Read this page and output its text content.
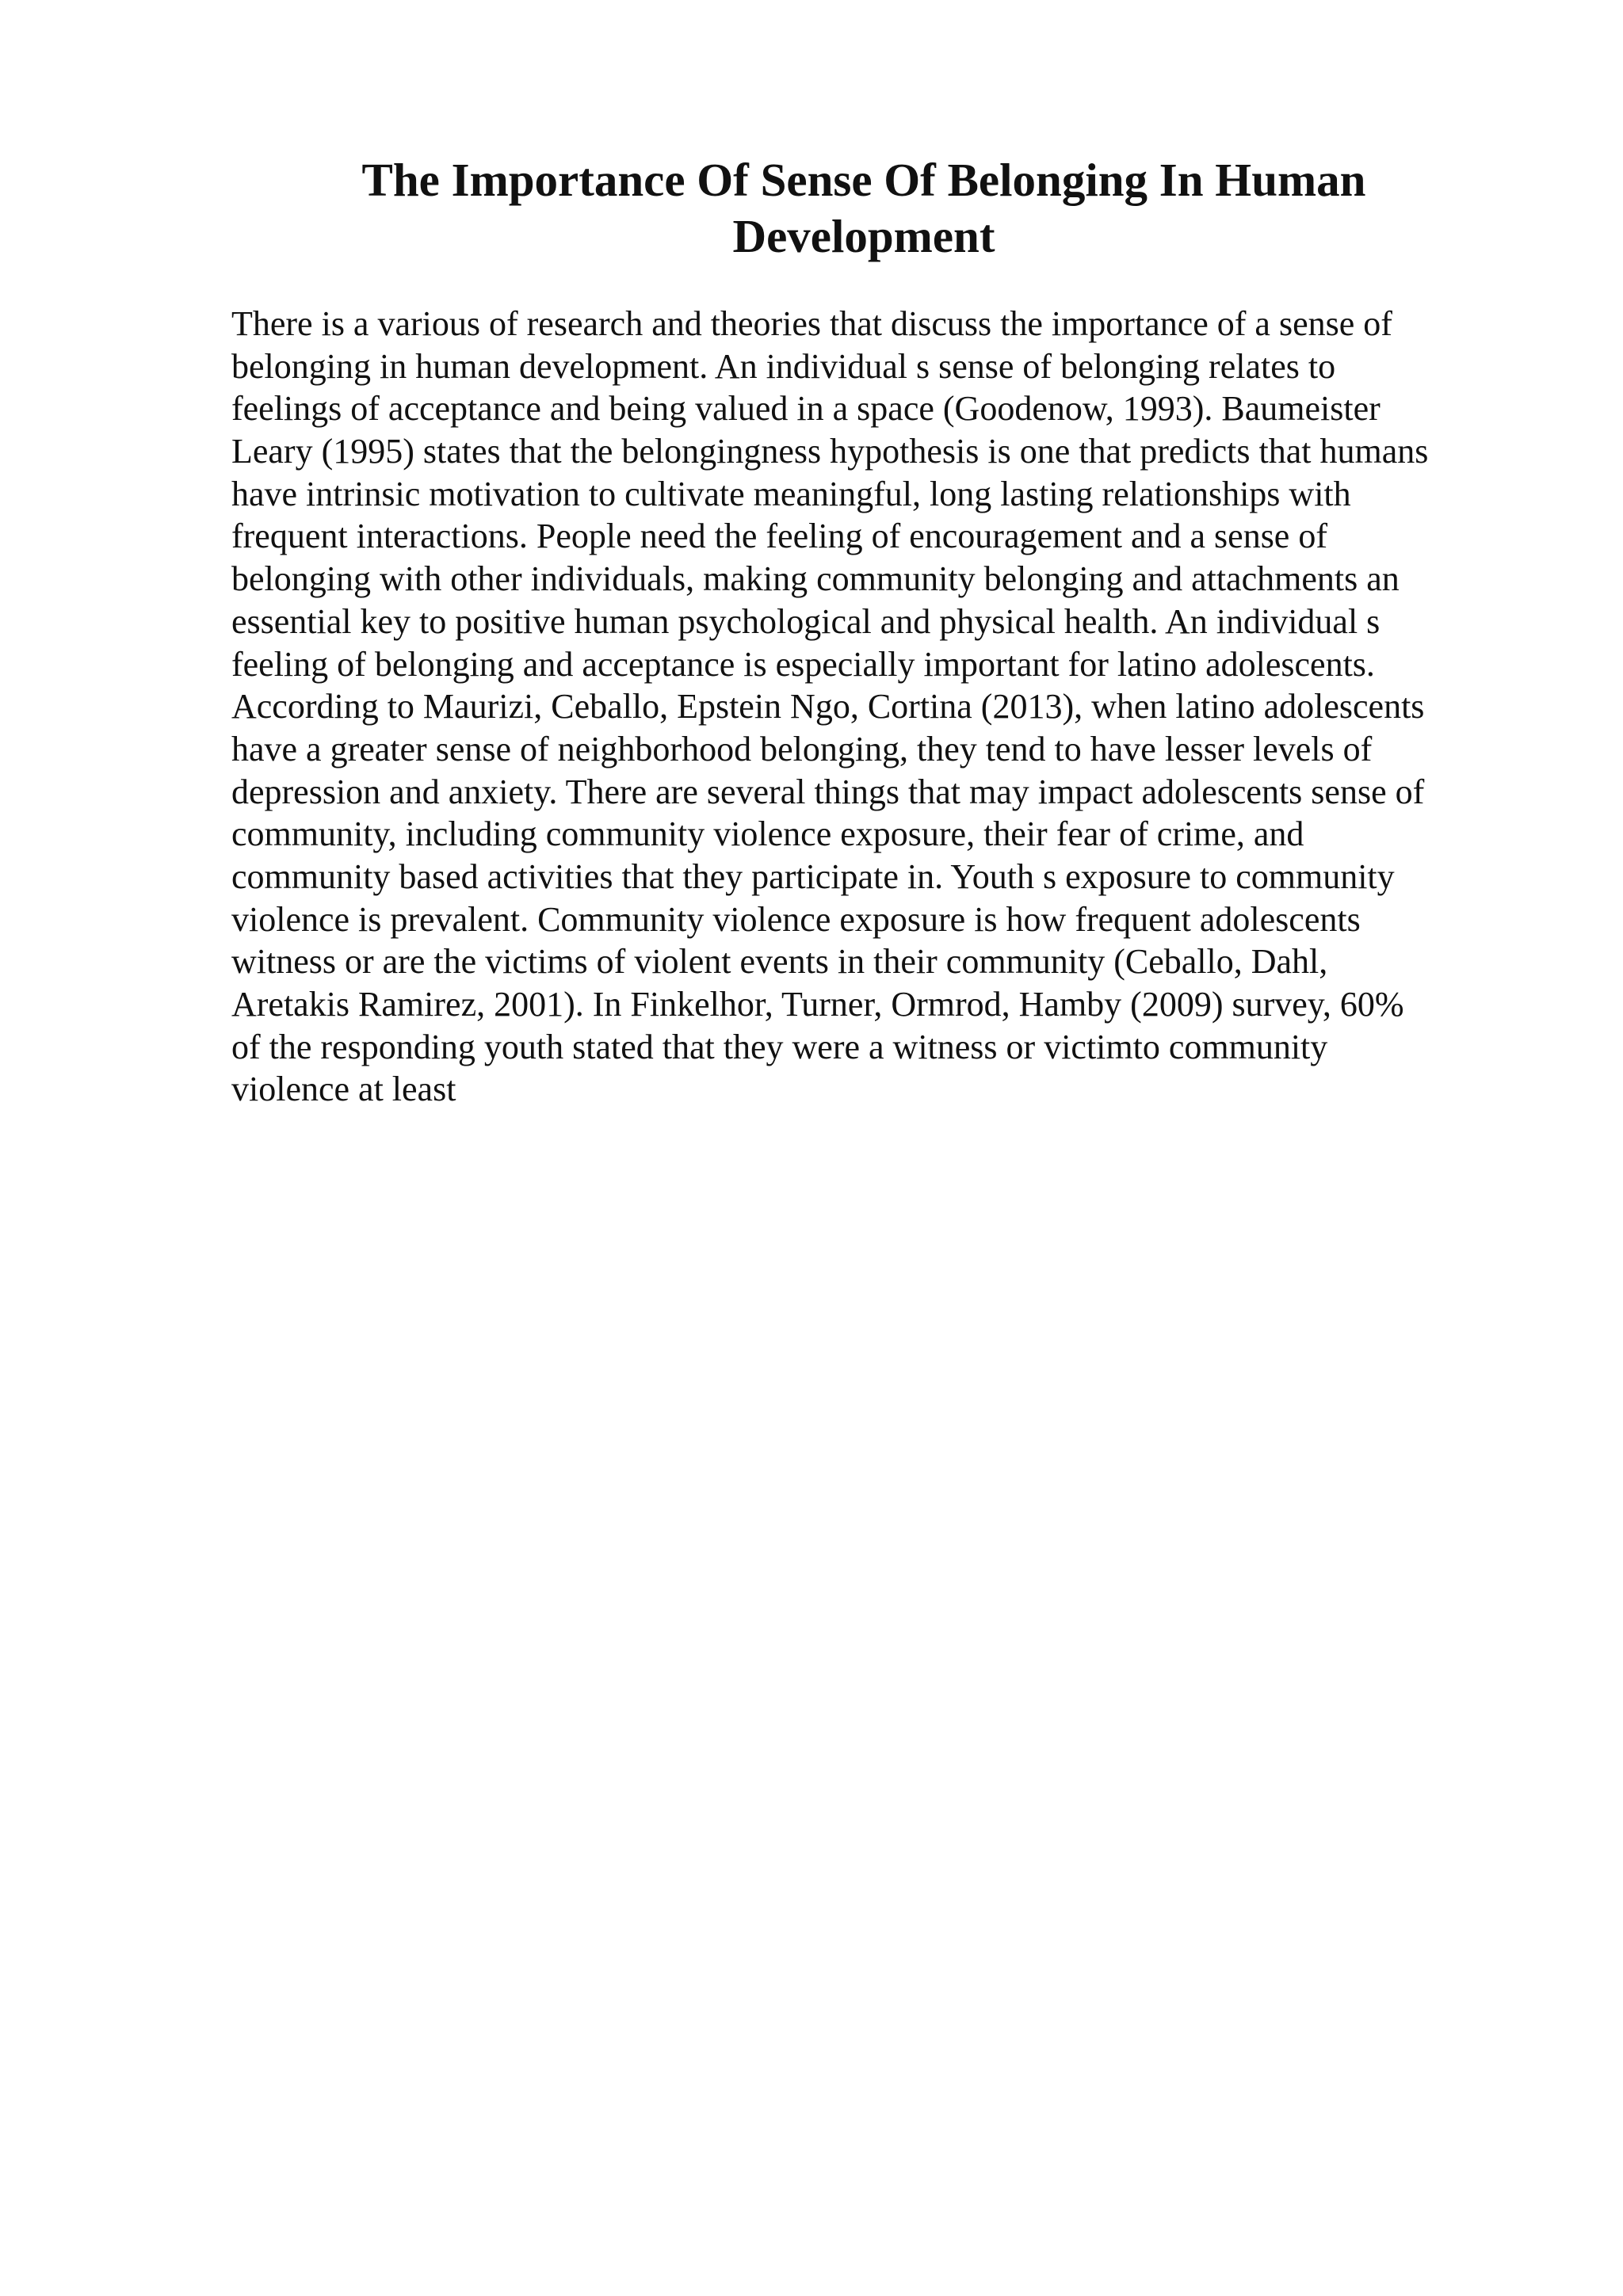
The Importance Of Sense Of Belonging In Human
Development
There is a various of research and theories that discuss the importance of a sense of
belonging in human development. An individual s sense of belonging relates to
feelings of acceptance and being valued in a space (Goodenow, 1993). Baumeister
Leary (1995) states that the belongingness hypothesis is one that predicts that humans
have intrinsic motivation to cultivate meaningful, long lasting relationships with
frequent interactions. People need the feeling of encouragement and a sense of
belonging with other individuals, making community belonging and attachments an
essential key to positive human psychological and physical health. An individual s
feeling of belonging and acceptance is especially important for latino adolescents.
According to Maurizi, Ceballo, Epstein Ngo, Cortina (2013), when latino adolescents
have a greater sense of neighborhood belonging, they tend to have lesser levels of
depression and anxiety. There are several things that may impact adolescents sense of
community, including community violence exposure, their fear of crime, and
community based activities that they participate in. Youth s exposure to community
violence is prevalent. Community violence exposure is how frequent adolescents
witness or are the victims of violent events in their community (Ceballo, Dahl,
Aretakis Ramirez, 2001). In Finkelhor, Turner, Ormrod, Hamby (2009) survey, 60%
of the responding youth stated that they were a witness or victimto community
violence at least
